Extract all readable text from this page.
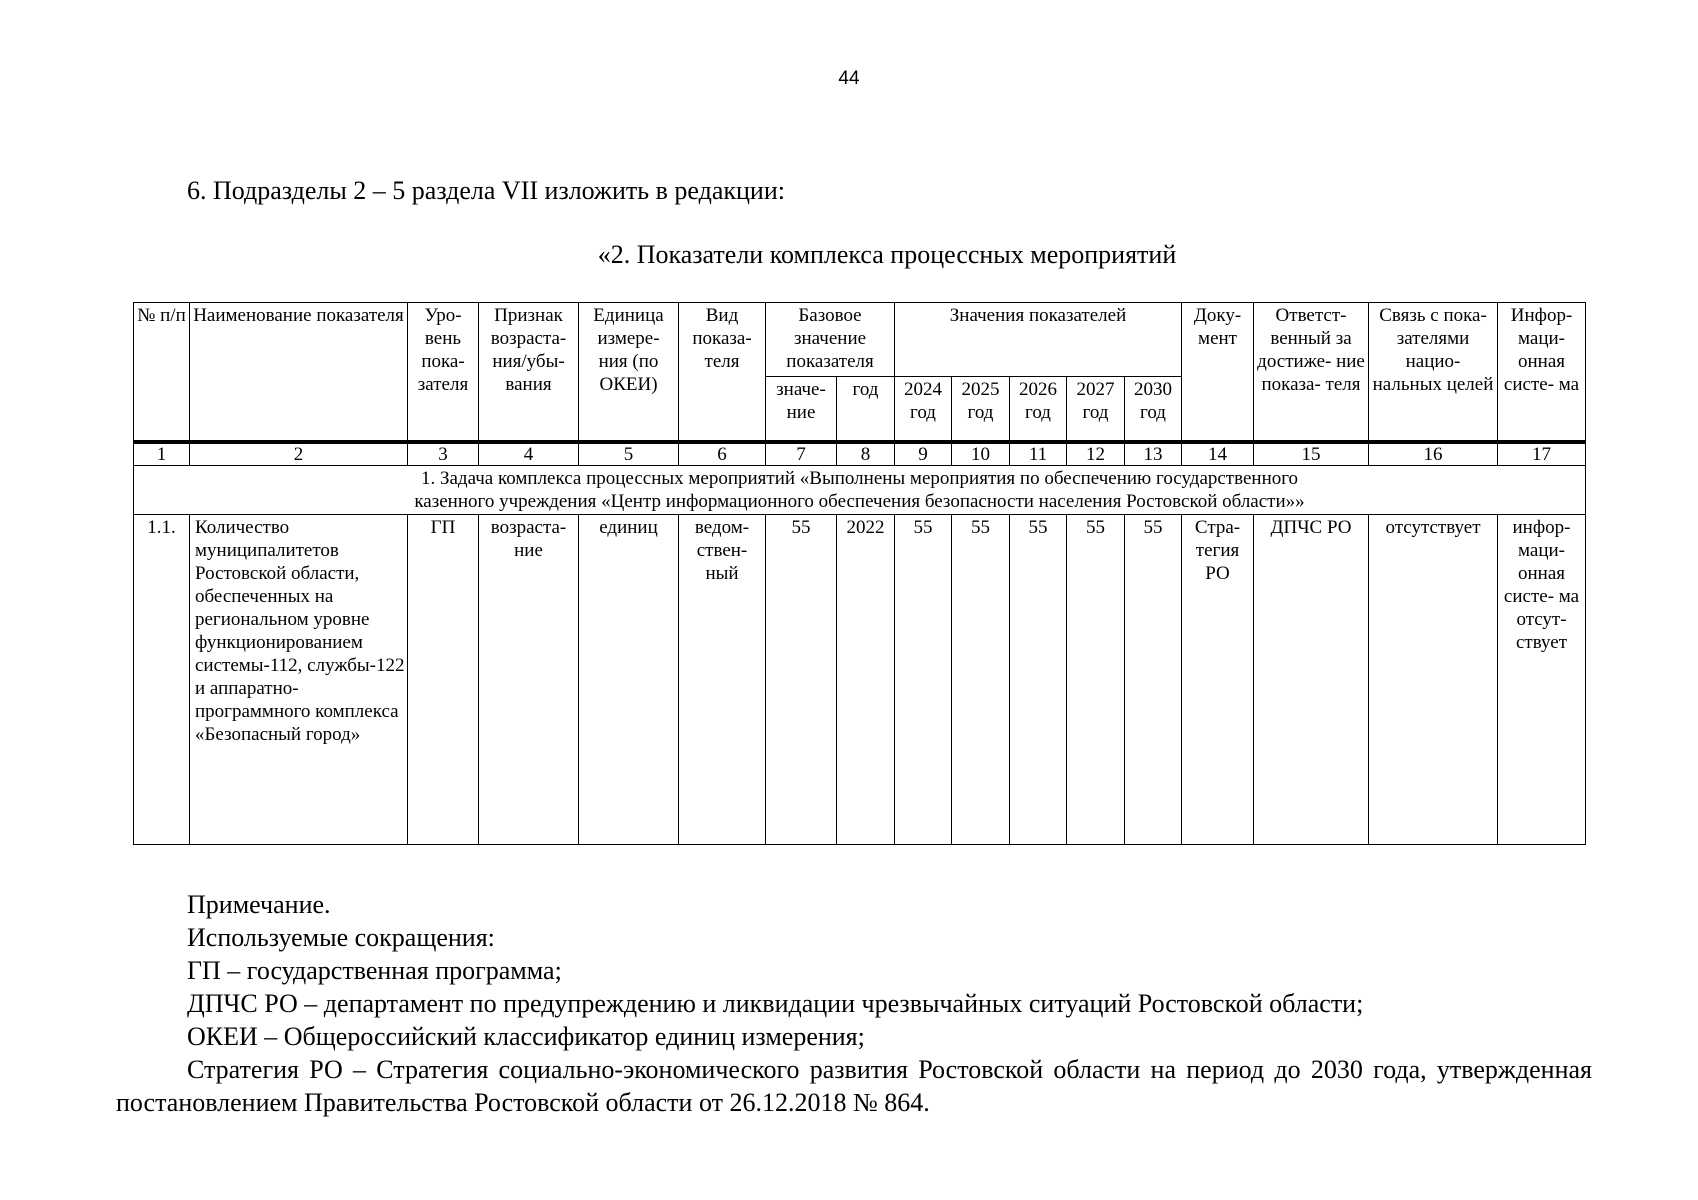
44
6. Подразделы 2 – 5 раздела VII изложить в редакции:
«2. Показатели комплекса процессных мероприятий
№ п/п	Наименование показателя	Уро- вень пока- зателя	Признак возраста- ния/убы- вания	Единица измере- ния (по ОКЕИ)	Вид показа- теля	Базовое значение показателя		Значения показателей					Доку- мент	Ответст- венный за достиже- ние показа- теля	Связь с пока- зателями нацио- нальных целей	Инфор- маци- онная систе- ма
						значе- ние	год	2024 год	2025 год	2026 год	2027 год	2030 год				
1	2	3	4	5	6	7	8	9	10	11	12	13	14	15	16	17

1. Задача комплекса процессных мероприятий «Выполнены мероприятия по обеспечению государственного
казенного учреждения «Центр информационного обеспечения безопасности населения Ростовской области»»																

1.1.	Количество муниципалитетов Ростовской области, обеспеченных на региональном уровне функционированием системы-112, службы-122 и аппаратно-программного комплекса «Безопасный город»	ГП	возраста- ние	единиц	ведом- ствен- ный	55	2022	55	55	55	55	55	Стра- тегия РО	ДПЧС РО	отсутствует	инфор- маци- онная систе- ма отсут- ствует
Примечание.
Используемые сокращения:
ГП – государственная программа;
ДПЧС РО – департамент по предупреждению и ликвидации чрезвычайных ситуаций Ростовской области;
ОКЕИ – Общероссийский классификатор единиц измерения;
Стратегия РО – Стратегия социально-экономического развития Ростовской области на период до 2030 года, утвержденная постановлением Правительства Ростовской области от 26.12.2018 № 864.
